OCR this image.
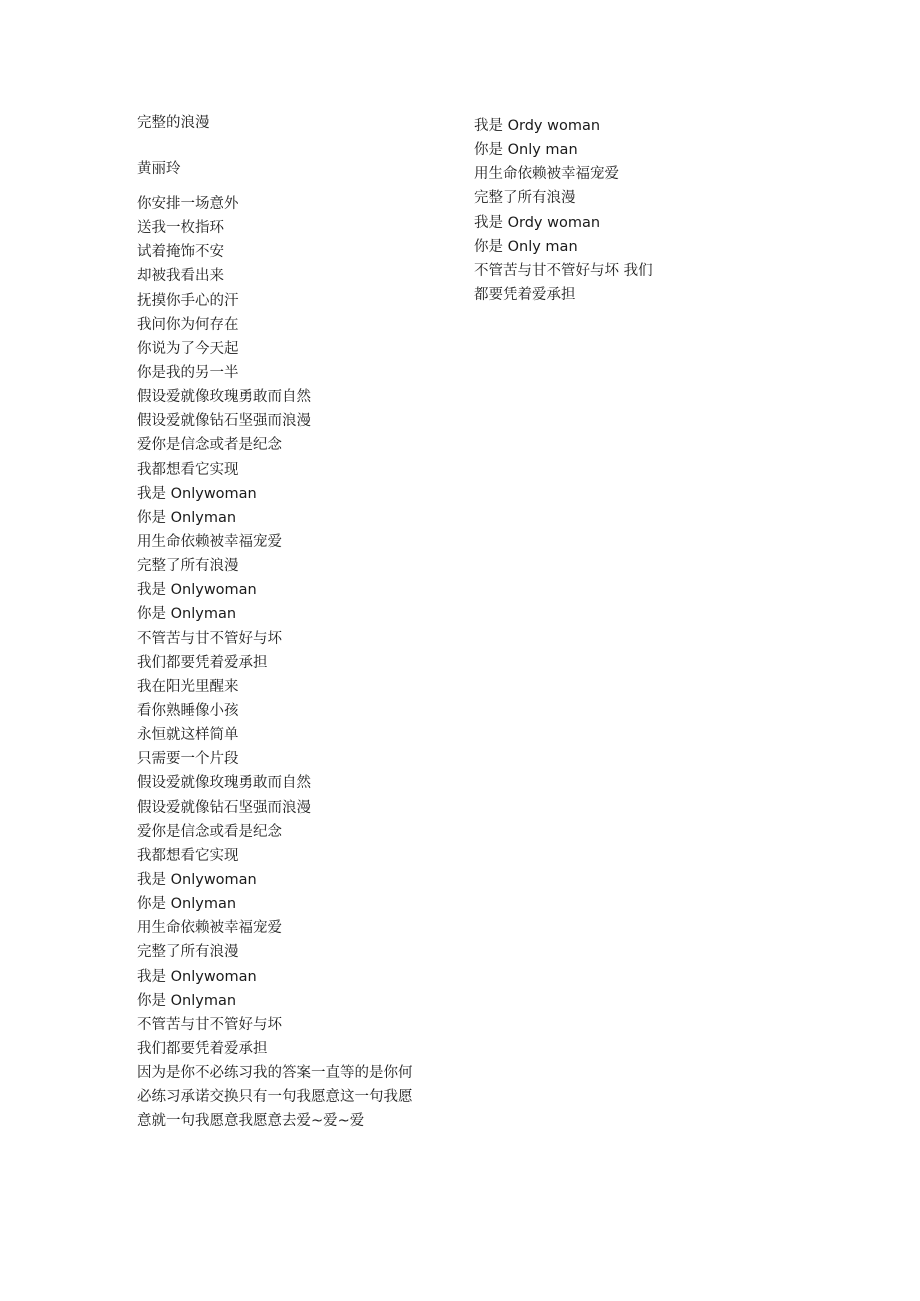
完整的浪漫
黄丽玲
你安排一场意外
送我一枚指环
试着掩饰不安
却被我看出来
抚摸你手心的汗
我问你为何存在
你说为了今天起
你是我的另一半
假设爱就像玫瑰勇敢而自然
假设爱就像钻石坚强而浪漫
爱你是信念或者是纪念
我都想看它实现
我是 Onlywoman
你是 Onlyman
用生命依赖被幸福宠爱
完整了所有浪漫
我是 Onlywoman
你是 Onlyman
不管苦与甘不管好与坏
我们都要凭着爱承担
我在阳光里醒来
看你熟睡像小孩
永恒就这样简单
只需要一个片段
假设爱就像玫瑰勇敢而自然
假设爱就像钻石坚强而浪漫
爱你是信念或看是纪念
我都想看它实现
我是 Onlywoman
你是 Onlyman
用生命依赖被幸福宠爱
完整了所有浪漫
我是 Onlywoman
你是 Onlyman
不管苦与甘不管好与坏
我们都要凭着爱承担
因为是你不必练习我的答案一直等的是你何
必练习承诺交换只有一句我愿意这一句我愿
意就一句我愿意我愿意去爱~爱~爱
我是 Ordy woman
你是 Only man
用生命依赖被幸福宠爱
完整了所有浪漫
我是 Ordy woman
你是 Only man
不管苦与甘不管好与坏 我们
都要凭着爱承担
